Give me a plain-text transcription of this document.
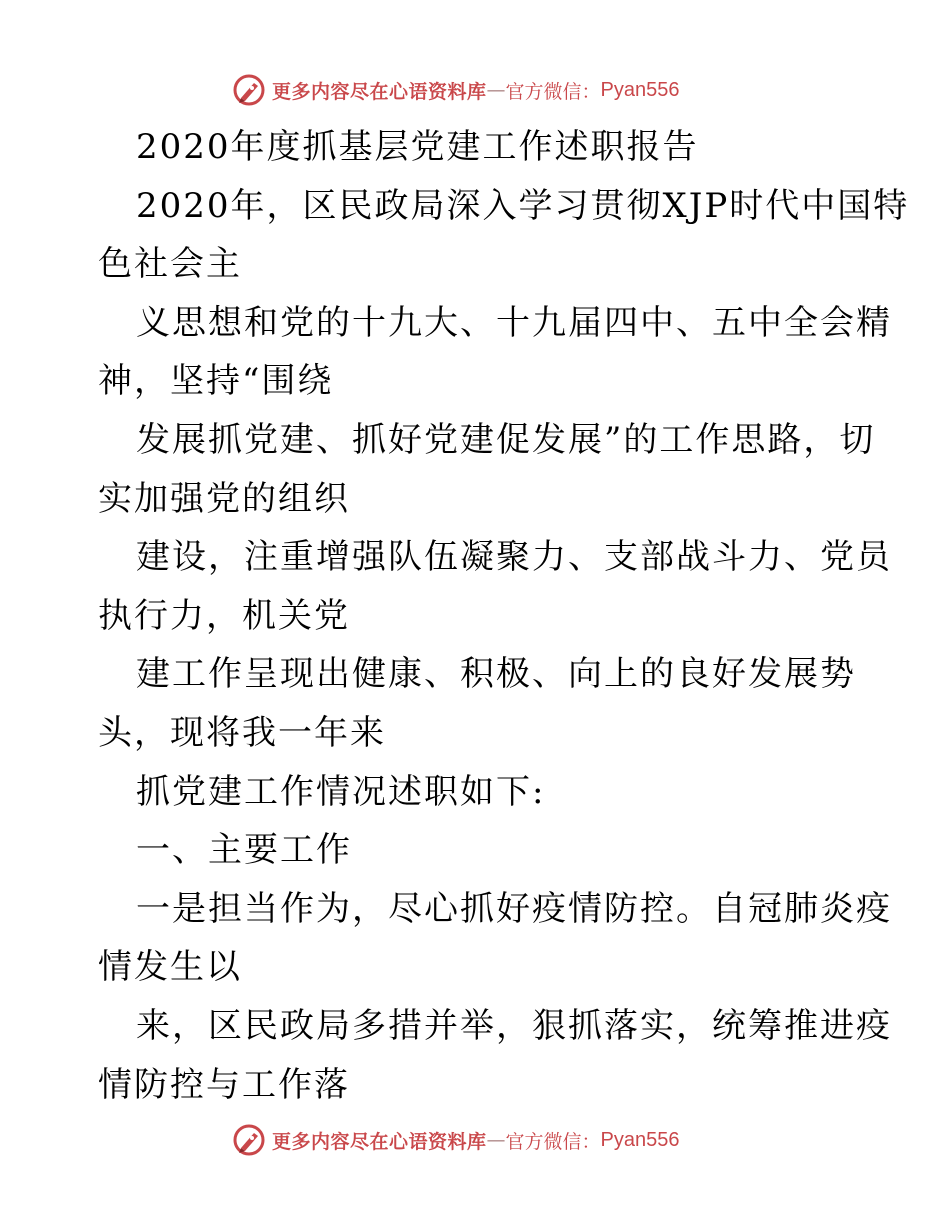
更多内容尽在心语资料库 — 官方微信： Pyan556
2020年度抓基层党建工作述职报告
2020年，区民政局深入学习贯彻XJP时代中国特
色社会主
义思想和党的十九大、十九届四中、五中全会精
神，坚持“围绕
发展抓党建、抓好党建促发展”的工作思路，切
实加强党的组织
建设，注重增强队伍凝聚力、支部战斗力、党员
执行力，机关党
建工作呈现出健康、积极、向上的良好发展势
头，现将我一年来
抓党建工作情况述职如下:
一、主要工作
一是担当作为，尽心抓好疫情防控。自冠肺炎疫
情发生以
来，区民政局多措并举，狠抓落实，统筹推进疫
情防控与工作落
更多内容尽在心语资料库 — 官方微信： Pyan556
